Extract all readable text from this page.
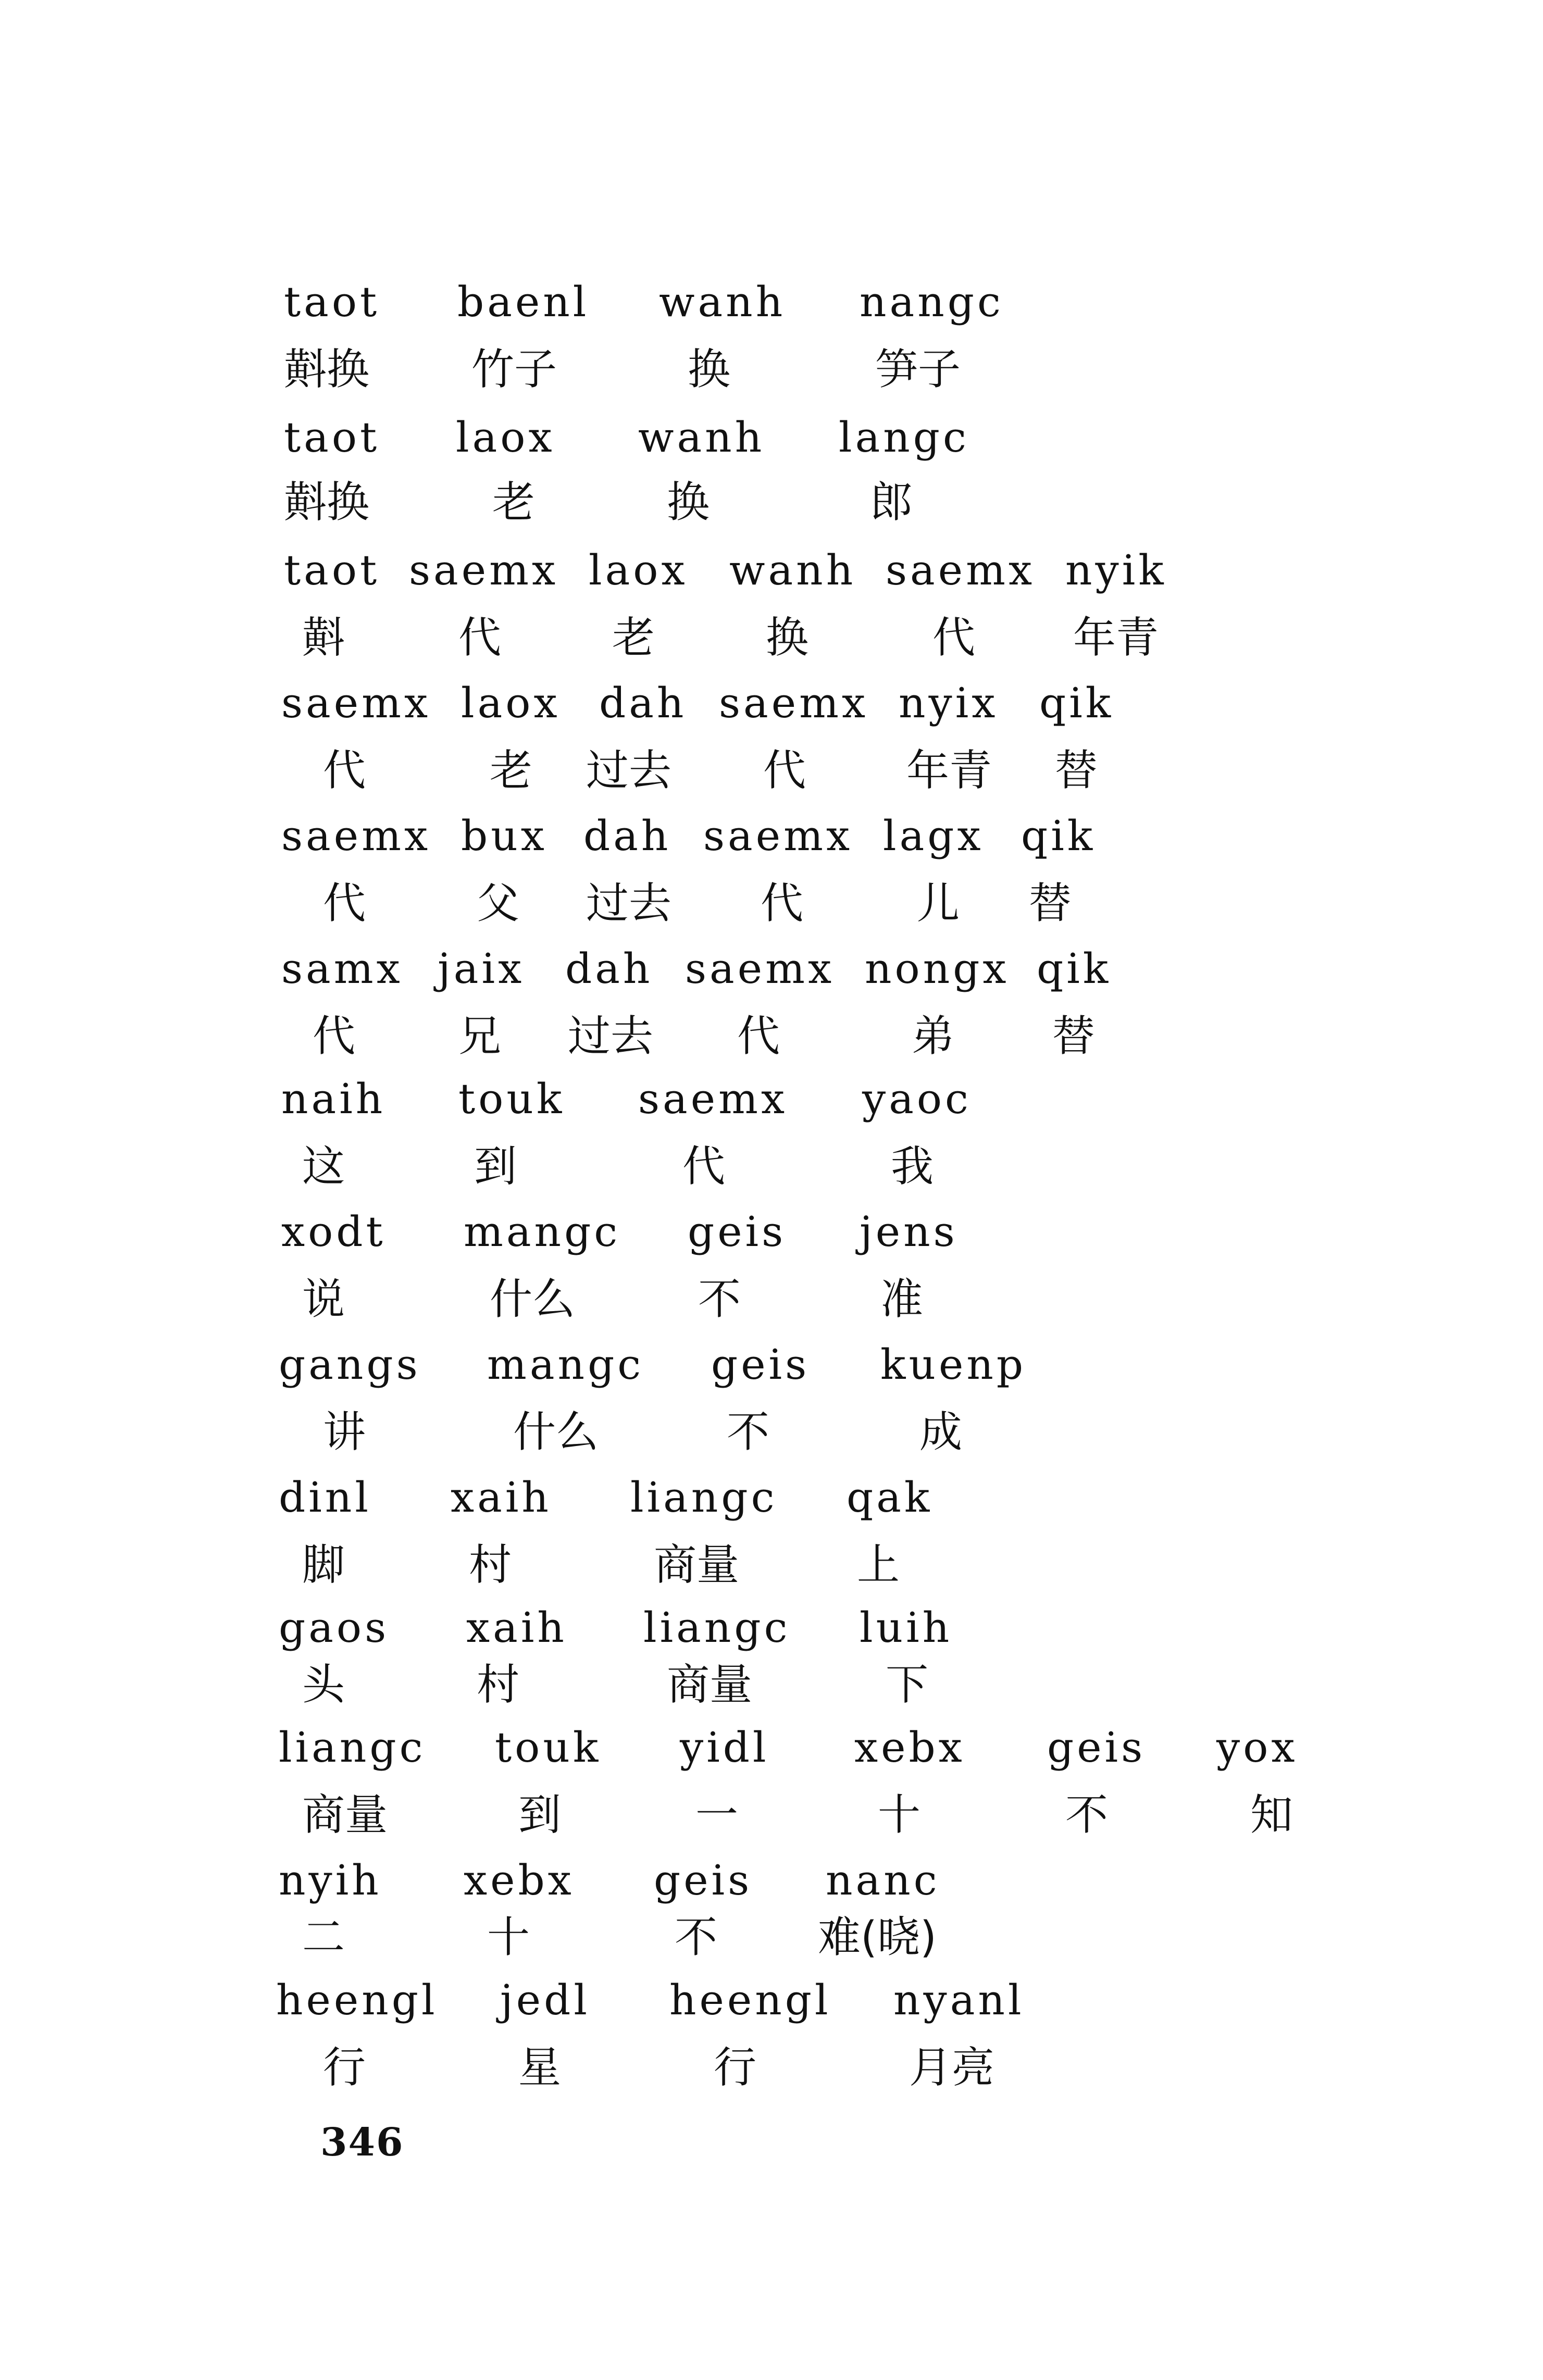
taot baenl wanh nangc
斢换 竹子	换	笋子
taot laox wanh langc
斢换	老	换	郎
taot saemx laox wanh saemx nyik
斢	代	老	换	代 年青
saemx laox dah saemx nyix qik
代	老 过去 代 年青 替
saemx bux dah saemx lagx qik
代	父 过去 代	儿 替
samx jaix dah saemx nongx qik
代 兄 过去 代	弟 替
naih touk saemx yaoc
这	到	代	我
xodt mangc geis jens
说	什么	不	准
gangs mangc geis kuenp
讲	什么	不	成
dinl xaih liangc qak
脚	村	商量	上
gaos xaih liangc luih
头	村	商量	下
liangc touk yidl xebx geis yox
商量	到	一	十	不	知
nyih xebx geis nanc
二	十	不 难(晓)
heengl jedl heengl nyanl
行	星	行	月亮
346
